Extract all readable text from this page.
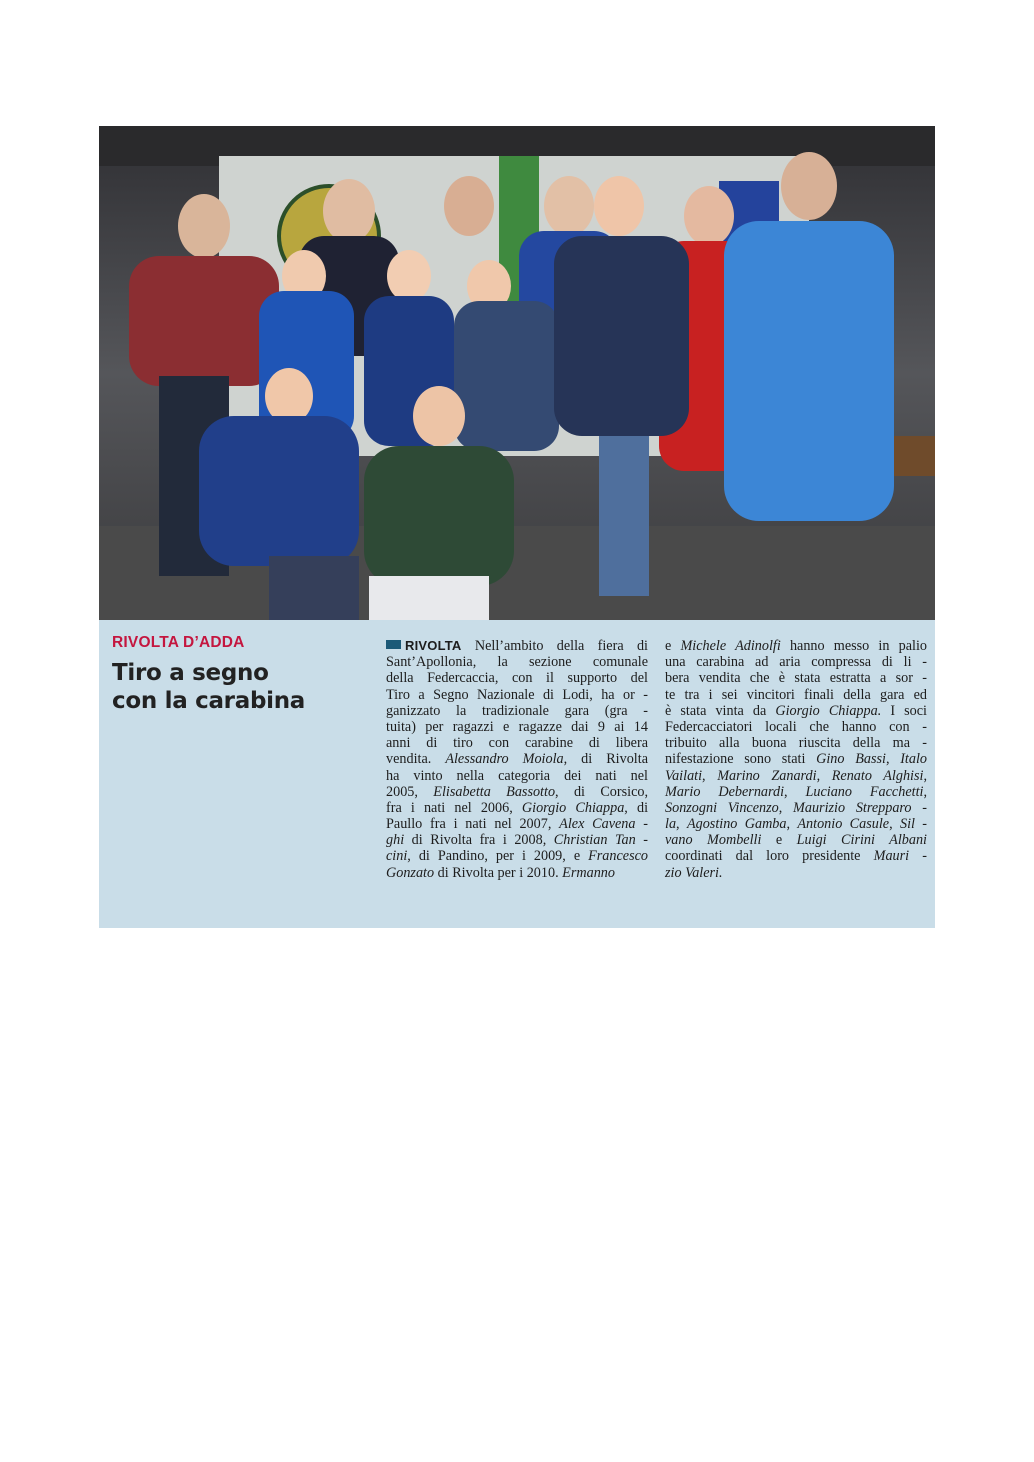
RIVOLTA D’ADDA
Tiro a segno
con la carabina
RIVOLTA Nell’ambito della fiera di
Sant’Apollonia, la sezione comunale
della Federcaccia, con il supporto del
Tiro a Segno Nazionale di Lodi, ha or -
ganizzato la tradizionale gara (gra -
tuita) per ragazzi e ragazze dai 9 ai 14
anni di tiro con carabine di libera
vendita. Alessandro Moiola, di Rivolta
ha vinto nella categoria dei nati nel
2005, Elisabetta Bassotto, di Corsico,
fra i nati nel 2006, Giorgio Chiappa, di
Paullo fra i nati nel 2007, Alex Cavena -
ghi di Rivolta fra i 2008, Christian Tan -
cini, di Pandino, per i 2009, e Francesco
Gonzato di Rivolta per i 2010. Ermanno
e Michele Adinolfi hanno messo in palio
una carabina ad aria compressa di li -
bera vendita che è stata estratta a sor -
te tra i sei vincitori finali della gara ed
è stata vinta da Giorgio Chiappa. I soci
Federcacciatori locali che hanno con -
tribuito alla buona riuscita della ma -
nifestazione sono stati Gino Bassi, Italo
Vailati, Marino Zanardi, Renato Alghisi,
Mario Debernardi, Luciano Facchetti,
Sonzogni Vincenzo, Maurizio Strepparo -
la, Agostino Gamba, Antonio Casule, Sil -
vano Mombelli e Luigi Cirini Albani
coordinati dal loro presidente Mauri -
zio Valeri.
